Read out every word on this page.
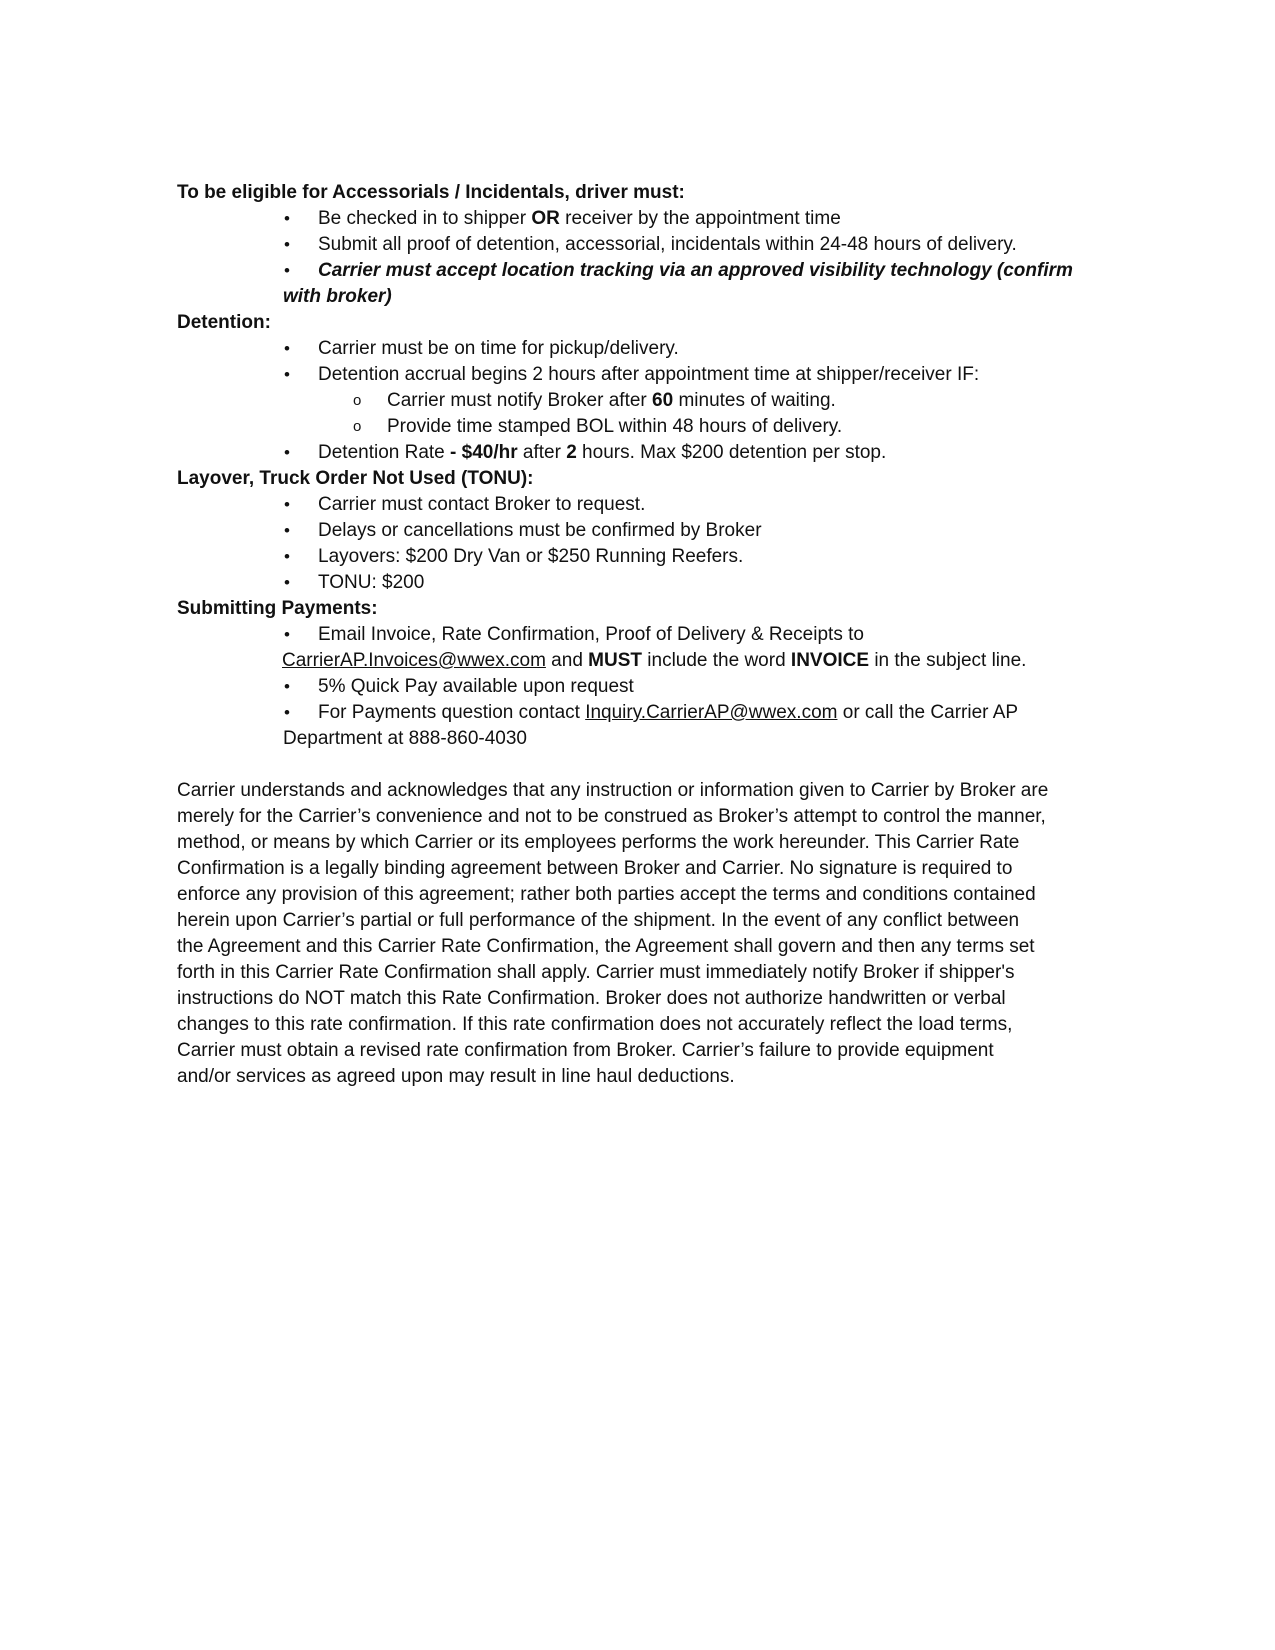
To be eligible for Accessorials / Incidentals, driver must:

• Be checked in to shipper OR receiver by the appointment time

• Submit all proof of detention, accessorial, incidentals within 24-48 hours of delivery.

• Carrier must accept location tracking via an approved visibility technology (confirm
with broker)

Detention:

• Carrier must be on time for pickup/delivery.

• Detention accrual begins 2 hours after appointment time at shipper/receiver IF:

o Carrier must notify Broker after 60 minutes of waiting.

o Provide time stamped BOL within 48 hours of delivery.

• Detention Rate - $40/hr after 2 hours. Max $200 detention per stop.

Layover, Truck Order Not Used (TONU):

• Carrier must contact Broker to request.

• Delays or cancellations must be confirmed by Broker

• Layovers: $200 Dry Van or $250 Running Reefers.

• TONU: $200

Submitting Payments:

• Email Invoice, Rate Confirmation, Proof of Delivery & Receipts to

CarrierAP.Invoices@wwex.com and MUST include the word INVOICE in the subject line.

• 5% Quick Pay available upon request

• For Payments question contact Inquiry.CarrierAP@wwex.com or call the Carrier AP
Department at 888-860-4030

Carrier understands and acknowledges that any instruction or information given to Carrier by Broker are
merely for the Carrier’s convenience and not to be construed as Broker’s attempt to control the manner,
method, or means by which Carrier or its employees performs the work hereunder. This Carrier Rate
Confirmation is a legally binding agreement between Broker and Carrier. No signature is required to
enforce any provision of this agreement; rather both parties accept the terms and conditions contained
herein upon Carrier’s partial or full performance of the shipment. In the event of any conflict between
the Agreement and this Carrier Rate Confirmation, the Agreement shall govern and then any terms set
forth in this Carrier Rate Confirmation shall apply. Carrier must immediately notify Broker if shipper's
instructions do NOT match this Rate Confirmation. Broker does not authorize handwritten or verbal
changes to this rate confirmation. If this rate confirmation does not accurately reflect the load terms,
Carrier must obtain a revised rate confirmation from Broker. Carrier’s failure to provide equipment
and/or services as agreed upon may result in line haul deductions.
